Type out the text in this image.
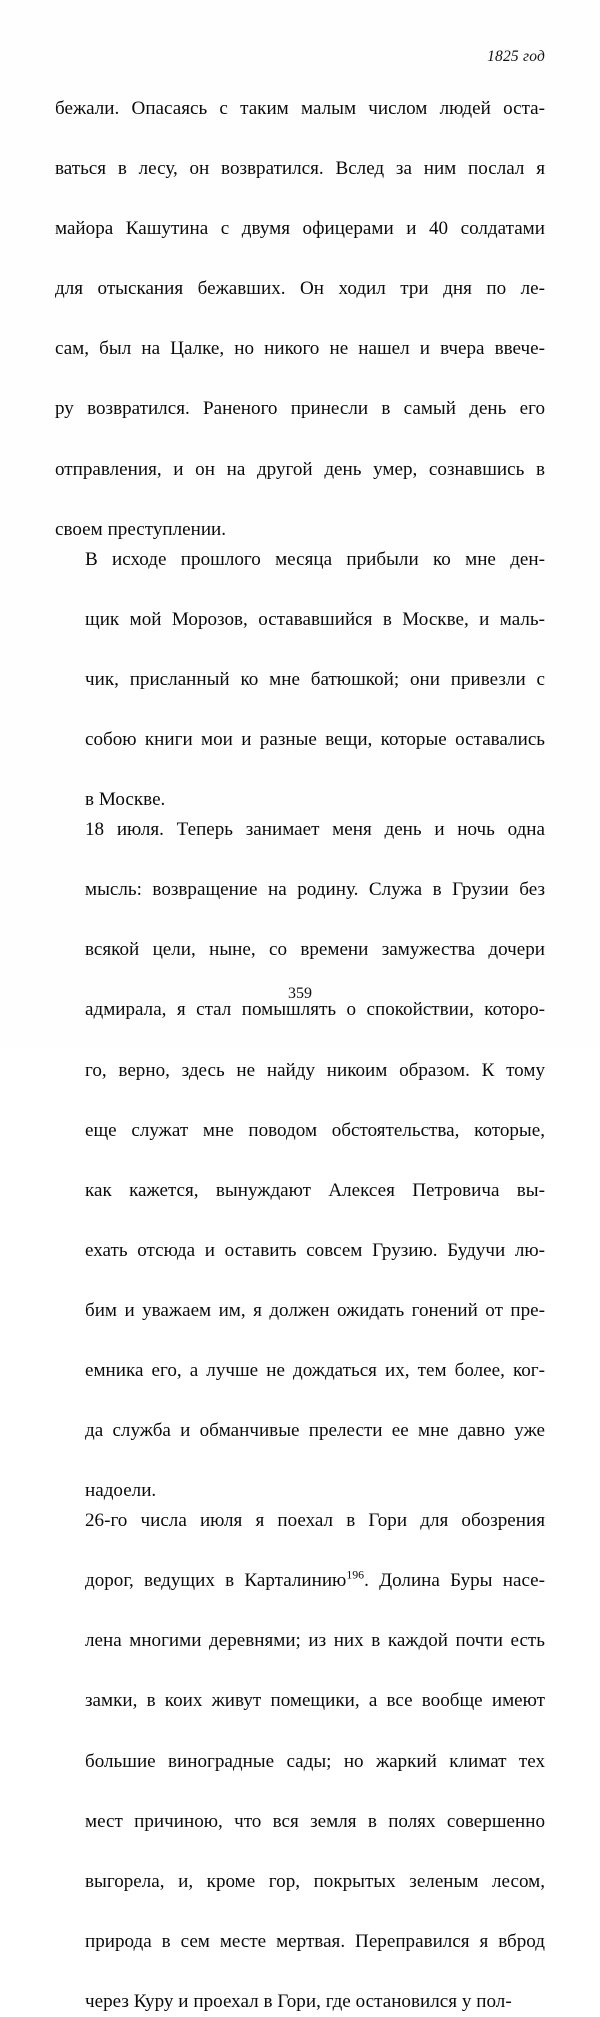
1825 год

бежали. Опасаясь с таким малым числом людей оста-
ваться в лесу, он возвратился. Вслед за ним послал я
майора Кашутина с двумя офицерами и 40 солдатами
для отыскания бежавших. Он ходил три дня по ле-
сам, был на Цалке, но никого не нашел и вчера ввече-
ру возвратился. Раненого принесли в самый день его
отправления, и он на другой день умер, сознавшись в
своем преступлении.

В исходе прошлого месяца прибыли ко мне ден-
щик мой Морозов, остававшийся в Москве, и маль-
чик, присланный ко мне батюшкой; они привезли с
собою книги мои и разные вещи, которые оставались
в Москве.

18 июля. Теперь занимает меня день и ночь одна
мысль: возвращение на родину. Служа в Грузии без
всякой цели, ныне, со времени замужества дочери
адмирала, я стал помышлять о спокойствии, которо-
го, верно, здесь не найду никоим образом. К тому
еще служат мне поводом обстоятельства, которые,
как кажется, вынуждают Алексея Петровича вы-
ехать отсюда и оставить совсем Грузию. Будучи лю-
бим и уважаем им, я должен ожидать гонений от пре-
емника его, а лучше не дождаться их, тем более, ког-
да служба и обманчивые прелести ее мне давно уже
надоели.

26-го числа июля я поехал в Гори для обозрения
дорог, ведущих в Карталинию$^{196}$. Долина Буры насе-
лена многими деревнями; из них в каждой почти есть
замки, в коих живут помещики, а все вообще имеют
большие виноградные сады; но жаркий климат тех
мест причиною, что вся земля в полях совершенно
выгорела, и, кроме гор, покрытых зеленым лесом,
природа в сем месте мертвая. Переправился я вброд
через Куру и проехал в Гори, где остановился у пол-

359
